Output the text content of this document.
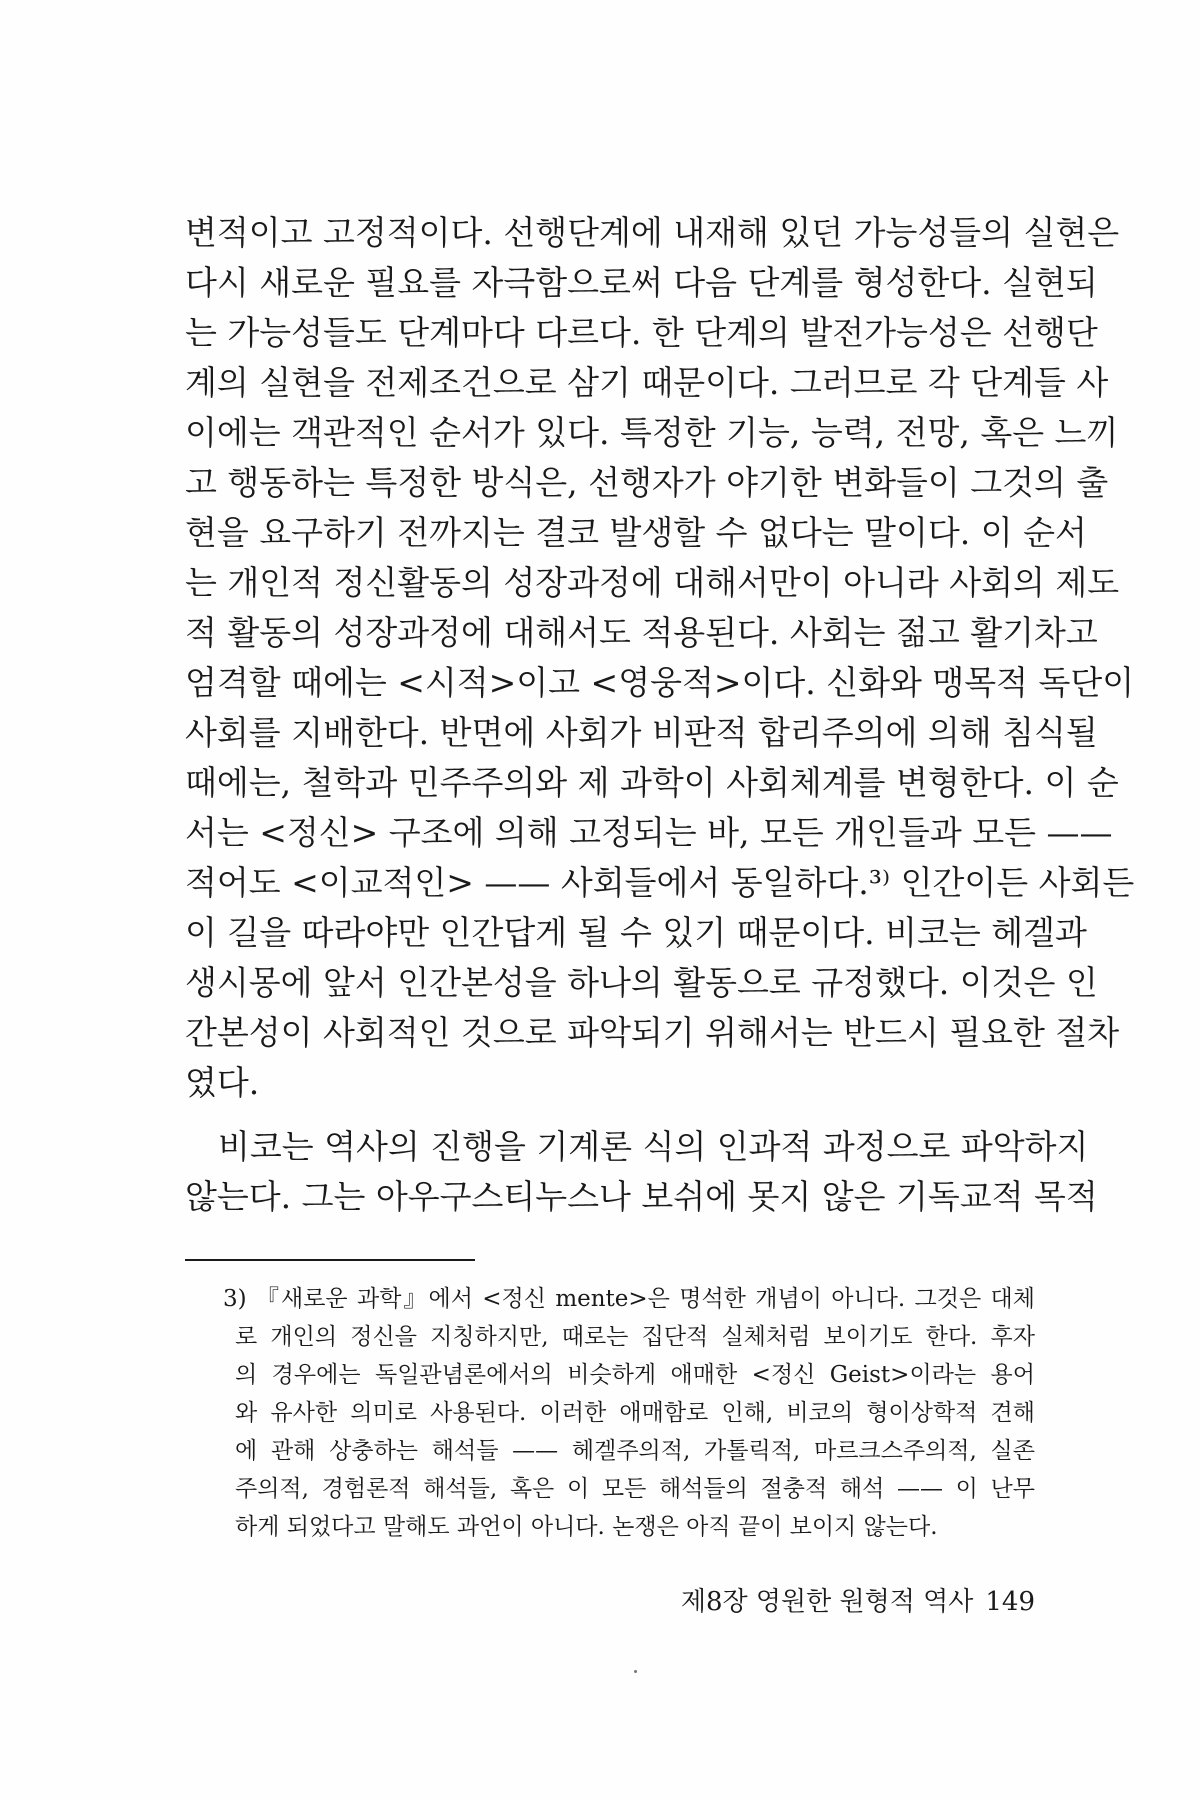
변적이고 고정적이다. 선행단계에 내재해 있던 가능성들의 실현은
다시 새로운 필요를 자극함으로써 다음 단계를 형성한다. 실현되
는 가능성들도 단계마다 다르다. 한 단계의 발전가능성은 선행단
계의 실현을 전제조건으로 삼기 때문이다. 그러므로 각 단계들 사
이에는 객관적인 순서가 있다. 특정한 기능, 능력, 전망, 혹은 느끼
고 행동하는 특정한 방식은, 선행자가 야기한 변화들이 그것의 출
현을 요구하기 전까지는 결코 발생할 수 없다는 말이다. 이 순서
는 개인적 정신활동의 성장과정에 대해서만이 아니라 사회의 제도
적 활동의 성장과정에 대해서도 적용된다. 사회는 젊고 활기차고
엄격할 때에는 <시적>이고 <영웅적>이다. 신화와 맹목적 독단이
사회를 지배한다. 반면에 사회가 비판적 합리주의에 의해 침식될
때에는, 철학과 민주주의와 제 과학이 사회체계를 변형한다. 이 순
서는 <정신> 구조에 의해 고정되는 바, 모든 개인들과 모든 ——
적어도 <이교적인> —— 사회들에서 동일하다.³⁾ 인간이든 사회든
이 길을 따라야만 인간답게 될 수 있기 때문이다. 비코는 헤겔과
생시몽에 앞서 인간본성을 하나의 활동으로 규정했다. 이것은 인
간본성이 사회적인 것으로 파악되기 위해서는 반드시 필요한 절차
였다.
비코는 역사의 진행을 기계론 식의 인과적 과정으로 파악하지
않는다. 그는 아우구스티누스나 보쉬에 못지 않은 기독교적 목적
3) 『새로운 과학』에서 <정신 mente>은 명석한 개념이 아니다. 그것은 대체
로 개인의 정신을 지칭하지만, 때로는 집단적 실체처럼 보이기도 한다. 후자
의 경우에는 독일관념론에서의 비슷하게 애매한 <정신 Geist>이라는 용어
와 유사한 의미로 사용된다. 이러한 애매함로 인해, 비코의 형이상학적 견해
에 관해 상충하는 해석들 —— 헤겔주의적, 가톨릭적, 마르크스주의적, 실존
주의적, 경험론적 해석들, 혹은 이 모든 해석들의 절충적 해석 —— 이 난무
하게 되었다고 말해도 과언이 아니다. 논쟁은 아직 끝이 보이지 않는다.
제8장 영원한 원형적 역사 149
